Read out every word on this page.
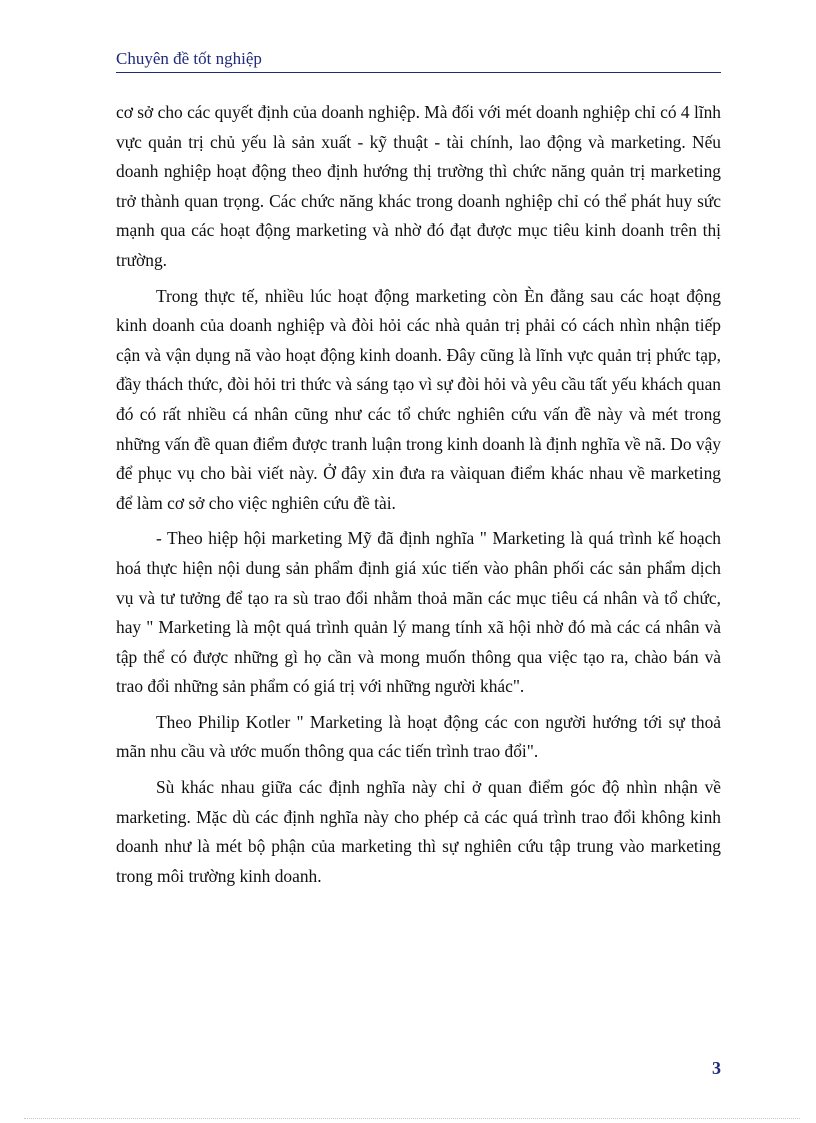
Chuyên đề tốt nghiệp

cơ sở cho các quyết định của doanh nghiệp. Mà đối với mét doanh nghiệp chỉ có 4 lĩnh vực quản trị chủ yếu là sản xuất - kỹ thuật - tài chính, lao động và marketing. Nếu doanh nghiệp hoạt động theo định hướng thị trường thì chức năng quản trị marketing trở thành quan trọng. Các chức năng khác trong doanh nghiệp chỉ có thể phát huy sức mạnh qua các hoạt động marketing và nhờ đó đạt được mục tiêu kinh doanh trên thị trường.

Trong thực tế, nhiều lúc hoạt động marketing còn Èn đằng sau các hoạt động kinh doanh của doanh nghiệp và đòi hỏi các nhà quản trị phải có cách nhìn nhận tiếp cận và vận dụng nã vào hoạt động kinh doanh. Đây cũng là lĩnh vực quản trị phức tạp, đầy thách thức, đòi hỏi tri thức và sáng tạo vì sự đòi hỏi và yêu cầu tất yếu khách quan đó có rất nhiều cá nhân cũng như các tổ chức nghiên cứu vấn đề này và mét trong những vấn đề quan điểm được tranh luận trong kinh doanh là định nghĩa về nã. Do vậy để phục vụ cho bài viết này. Ở đây xin đưa ra vàiquan điểm khác nhau về marketing để làm cơ sở cho việc nghiên cứu đề tài.

- Theo hiệp hội marketing Mỹ đã định nghĩa " Marketing là quá trình kế hoạch hoá thực hiện nội dung sản phẩm định giá xúc tiến vào phân phối các sản phẩm dịch vụ và tư tưởng để tạo ra sù trao đổi nhằm thoả mãn các mục tiêu cá nhân và tổ chức, hay " Marketing là một quá trình quản lý mang tính xã hội nhờ đó mà các cá nhân và tập thể có được những gì họ cần và mong muốn thông qua việc tạo ra, chào bán và trao đổi những sản phẩm có giá trị với những người khác".

Theo Philip Kotler " Marketing là hoạt động các con người hướng tới sự thoả mãn nhu cầu và ước muốn thông qua các tiến trình trao đổi".

Sù khác nhau giữa các định nghĩa này chỉ ở quan điểm góc độ nhìn nhận về marketing. Mặc dù các định nghĩa này cho phép cả các quá trình trao đổi không kinh doanh như là mét bộ phận của marketing thì sự nghiên cứu tập trung vào marketing trong môi trường kinh doanh.

3
